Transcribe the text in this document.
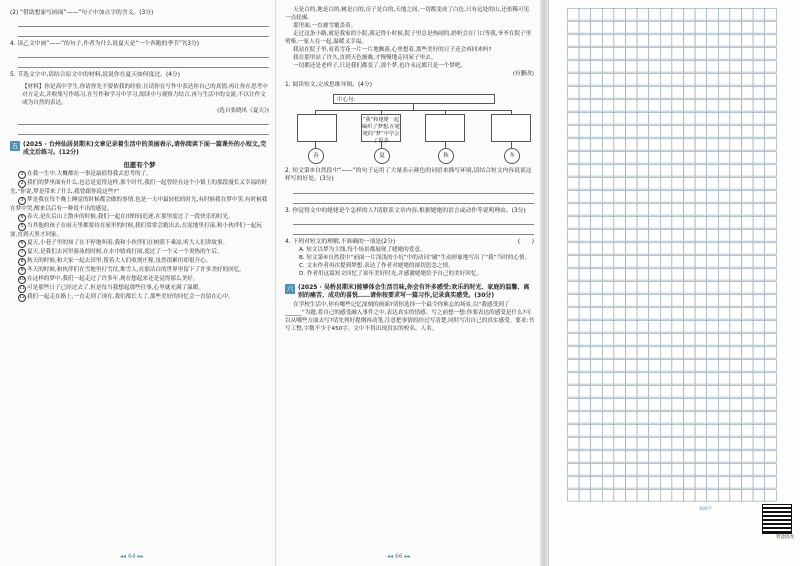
(2) “借助想象写画面”——“句子中加点字的含义。(3分)

4. 读乙文中画“——”的句子,作者为什么说夏天是“一个奔跑的季节”?(3分)

5. 节选文字中,请结合原文中的材料,说说你在夏天如何度过。(4分)

【材料】你是高中学生,你请你先不要依我的经验,且请你在写作中表达你自己的真情,再让你在思考中对方走去,并收集写作练习,在写作和学习中学习,阅读中与观察力结合,再与生活中的交流,不以让作文成为自然的表达。

(选自张晓风《夏天》)

五 (2025 · 台州仙居县期末)文章记录着生活中的美丽表示,请你阅读下面一篇课外的小短文,完成文后练习。(12分)

但愿有个梦

1 在我一生中,大概都在一事是最值得我去思考的了。

2 我们的梦里面有什么,也总是觉得这样,那个时代,我们一起曾经在这个小镇上的那段漫长又幸福的时光,“你说,梦是带来了什么,我曾跟你说这些?”

3 梦是我在每个晚上睡觉的时候都会做的事情,也是一天中最轻松的时光,有时候我在梦中笑,有时候我在梦中哭,醒来以后有一种说不出的感觉。

4 春天,是在后山上散步的时候,我们一起在田野间追逐,在那里度过了一段快乐的时光。

5 当其他的孩子在雨天里都要待在家里的时候,我们常常会跑出去,在泥地里打滚,和小伙伴们一起玩耍,直到天黑才回家。

6 夏天,小巷子里的知了在不停地叫着,我和小伙伴们在树荫下乘凉,听大人们讲故事。

7 夏天,是我们去河里游泳的时候,在水中嬉戏打闹,度过了一个又一个炎热的午后。

8 秋天的时候,和大家一起去田里,帮着大人们收割庄稼,虽然很累但却很开心。

9 冬天的时候,和伙伴们在雪地里打雪仗,堆雪人,在那洁白的世界里留下了许多美好的回忆。

10 在这样的梦中,我们一起走过了许多年,现在想起来还是觉得那么美好。

11 可是那些日子已经过去了,但是每当我想起那些往事,心里就充满了温暖。

12 我们一起走在路上,一直走到了现在,我们都长大了,那些美好的回忆会一直留在心中。

◂◂ 64 ▸▸

天是白的,地是白的,树是白的,房子是白的,天地之间,一切都变成了白色,只有远处的山,还依稀可见一点轮廓。

那里面,一直被雪覆盖着。

走过这条小路,就是我家的小院,我记得小时候,院子里总是热闹的,奶奶会在门口等我,爷爷在院子里劈柴,一家人在一起,温暖又幸福。

我站在院子里,看着雪花一片一片地飘落,心里想着,那些美好的日子还会再回来吗?

我在那里站了许久,直到天色渐晚,才慢慢地走回屋子里去。

一切都还是老样子,只是我们都变了,那个梦,也许永远都只是一个梦吧。

(有删改)

1. 阅读短文,完成思维导图。(4分)

中心句:
“我”和姥姥一起编织了梦想,在姥姥的“梦”中学会了很多
春	夏	秋	冬

2. 短文第⑤自然段中“——”的句子运用了大量表示颜色的词语来描写环境,请结合短文内容说说这样写的好处。(3分)

3. 你觉得文中的姥姥是个怎样的人?请联系文章内容,根据姥姥的语言或动作等说明理由。(3分)

4. 下列对短文的理解,不准确的一项是(2分)	(　　)

A. 短文以梦为主线,每个场景都展现了姥姥的爱意。

B. 短文第⑥自然段中“前面一片浅浅的小坑”中的动词“刷”生动形象地写出了“我”当时的心情。

C. 文末作者再次提到梦想,表达了作者对姥姥的深切思念之情。

D. 作者用这篇短文回忆了童年美好时光,并感激姥姥给予自己的美好回忆。

六 (2025 · 吴桥县期末)能够体会生活百味,你会有许多感受:欢乐的时光、家庭的温馨、离别的痛苦、成功的喜悦……请你按要求写一篇习作,记录真实感受。(30分)

在学校生活中,你有哪些记忆深刻的画面?请你选择一个最令你难忘的场景,以“我感受到了______”为题,将自己的感受融入事件之中,表达真实的情感。写之前想一想:你要表达的感受是什么?可以从哪些方面去写?请先列好提纲再动笔,注意把事情的经过写清楚,同时写出自己的真实感受。要求:书写工整,字数不少于450字。文中不得出现真实的校名、人名。

◂◂ 66 ▸▸
400字
智能批改
